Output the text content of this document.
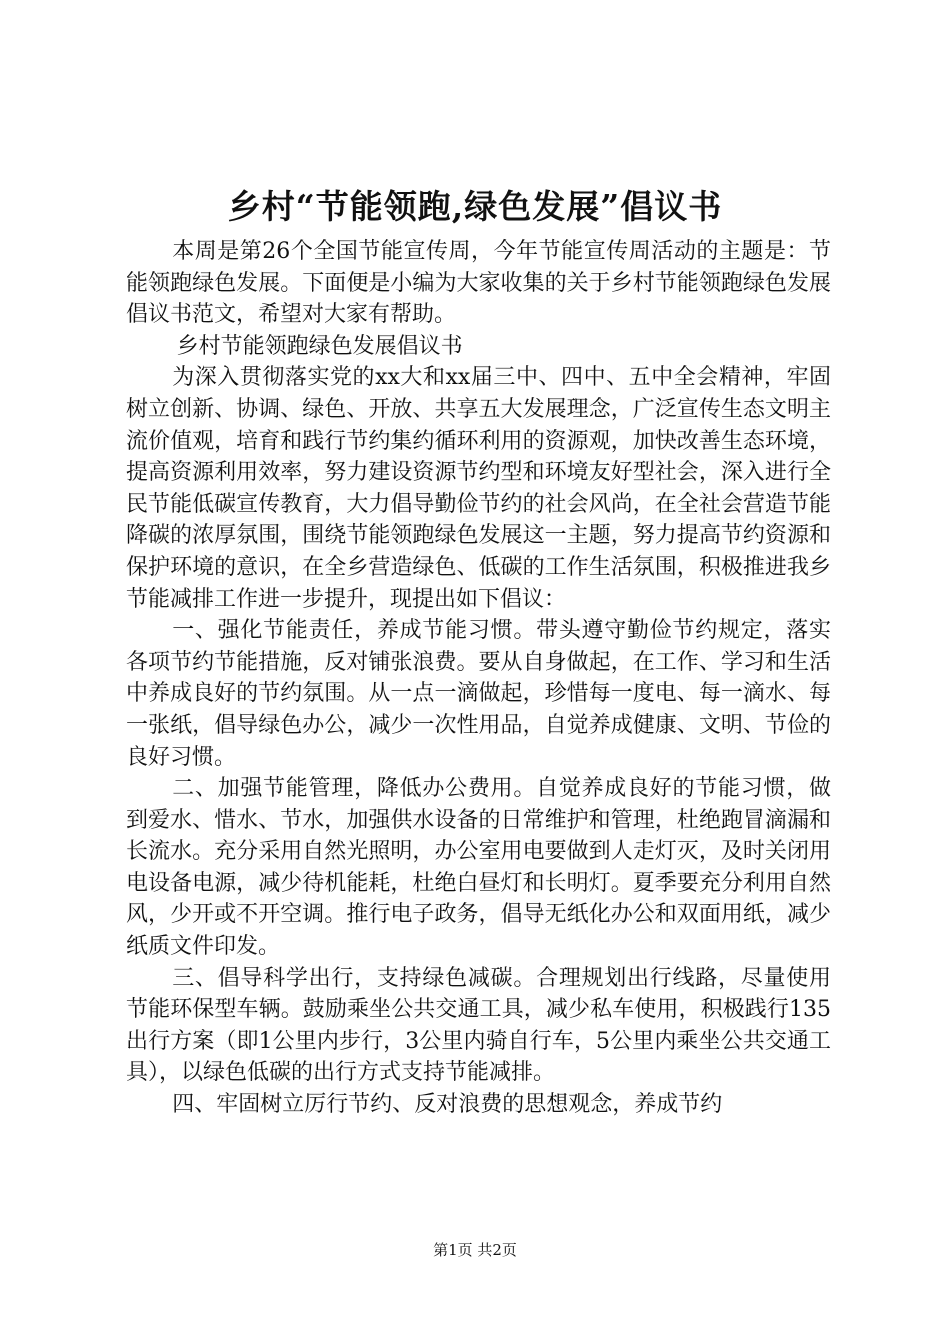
乡村“节能领跑,绿色发展”倡议书

本周是第26个全国节能宣传周，今年节能宣传周活动的主题是：节能领跑绿色发展。下面便是小编为大家收集的关于乡村节能领跑绿色发展倡议书范文，希望对大家有帮助。

乡村节能领跑绿色发展倡议书

为深入贯彻落实党的xx大和xx届三中、四中、五中全会精神，牢固树立创新、协调、绿色、开放、共享五大发展理念，广泛宣传生态文明主流价值观，培育和践行节约集约循环利用的资源观，加快改善生态环境，提高资源利用效率，努力建设资源节约型和环境友好型社会，深入进行全民节能低碳宣传教育，大力倡导勤俭节约的社会风尚，在全社会营造节能降碳的浓厚氛围，围绕节能领跑绿色发展这一主题，努力提高节约资源和保护环境的意识，在全乡营造绿色、低碳的工作生活氛围，积极推进我乡节能减排工作进一步提升，现提出如下倡议：

一、强化节能责任，养成节能习惯。带头遵守勤俭节约规定，落实各项节约节能措施，反对铺张浪费。要从自身做起，在工作、学习和生活中养成良好的节约氛围。从一点一滴做起，珍惜每一度电、每一滴水、每一张纸，倡导绿色办公，减少一次性用品，自觉养成健康、文明、节俭的良好习惯。

二、加强节能管理，降低办公费用。自觉养成良好的节能习惯，做到爱水、惜水、节水，加强供水设备的日常维护和管理，杜绝跑冒滴漏和长流水。充分采用自然光照明，办公室用电要做到人走灯灭，及时关闭用电设备电源，减少待机能耗，杜绝白昼灯和长明灯。夏季要充分利用自然风，少开或不开空调。推行电子政务，倡导无纸化办公和双面用纸，减少纸质文件印发。

三、倡导科学出行，支持绿色减碳。合理规划出行线路，尽量使用节能环保型车辆。鼓励乘坐公共交通工具，减少私车使用，积极践行135出行方案（即1公里内步行，3公里内骑自行车，5公里内乘坐公共交通工具），以绿色低碳的出行方式支持节能减排。

四、牢固树立厉行节约、反对浪费的思想观念，养成节约

第1页 共2页
